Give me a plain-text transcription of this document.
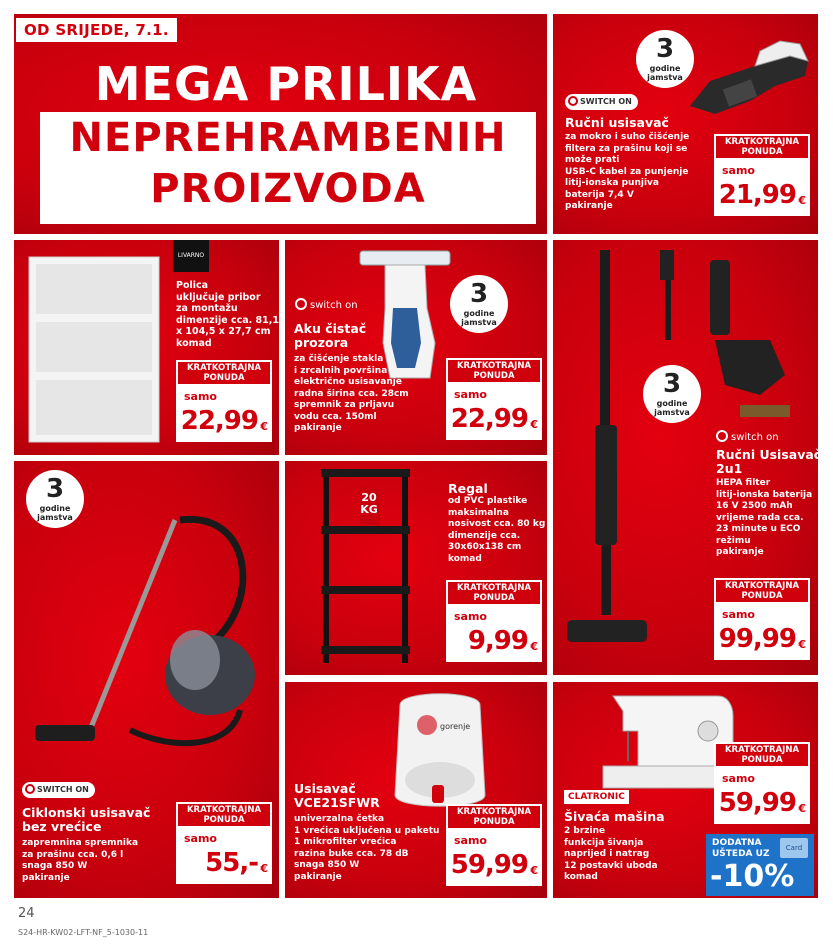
OD SRIJEDE, 7.1.
MEGA PRILIKA
NEPREHRAMBENIH
PROIZVODA
3
godine
jamstva
SWITCH ON
Ručni usisavač
za mokro i suho čišćenje
filtera za prašinu koji se
može prati
USB-C kabel za punjenje
litij-ionska punjiva
baterija 7,4 V
pakiranje
KRATKOTRAJNA
PONUDA
samo
21,99 €
LIVARNO
Polica
uključuje pribor
za montažu
dimenzije cca. 81,1
x 104,5 x 27,7 cm
komad
KRATKOTRAJNA
PONUDA
samo
22,99 €
switch on	3
godine
jamstva
Aku čistač
prozora
za čišćenje stakla
i zrcalnih površina
električno usisavanje
radna širina cca. 28cm
spremnik za prljavu
vodu cca. 150ml
pakiranje
KRATKOTRAJNA
PONUDA
samo
22,99 €
3
godine
jamstva
switch on
Ručni Usisavač
2u1
HEPA filter
litij-ionska baterija
16 V 2500 mAh
vrijeme rada cca.
23 minute u ECO
režimu
pakiranje
KRATKOTRAJNA
PONUDA
samo
99,99 €
3
godine
jamstva
SWITCH ON
Ciklonski usisavač
bez vrećice
zapremnina spremnika
za prašinu cca. 0,6 l
snaga 850 W
pakiranje
KRATKOTRAJNA
PONUDA
samo
55,- €
20 KG
Regal
od PVC plastike
maksimalna
nosivost cca. 80 kg
dimenzije cca.
30x60x138 cm
komad
KRATKOTRAJNA
PONUDA
samo
9,99 €
gorenje
Usisavač
VCE21SFWR
univerzalna četka
1 vrećica uključena u paketu
1 mikrofilter vrećica
razina buke cca. 78 dB
snaga 850 W
pakiranje
KRATKOTRAJNA
PONUDA
samo
59,99 €
CLATRONIC
Šivaća mašina
2 brzine
funkcija šivanja
naprijed i natrag
12 postavki uboda
komad
KRATKOTRAJNA
PONUDA
samo
59,99 €
DODATNA
UŠTEDA UZ
Card
-10%
24
S24-HR-KW02-LFT-NF_5-1030-11
